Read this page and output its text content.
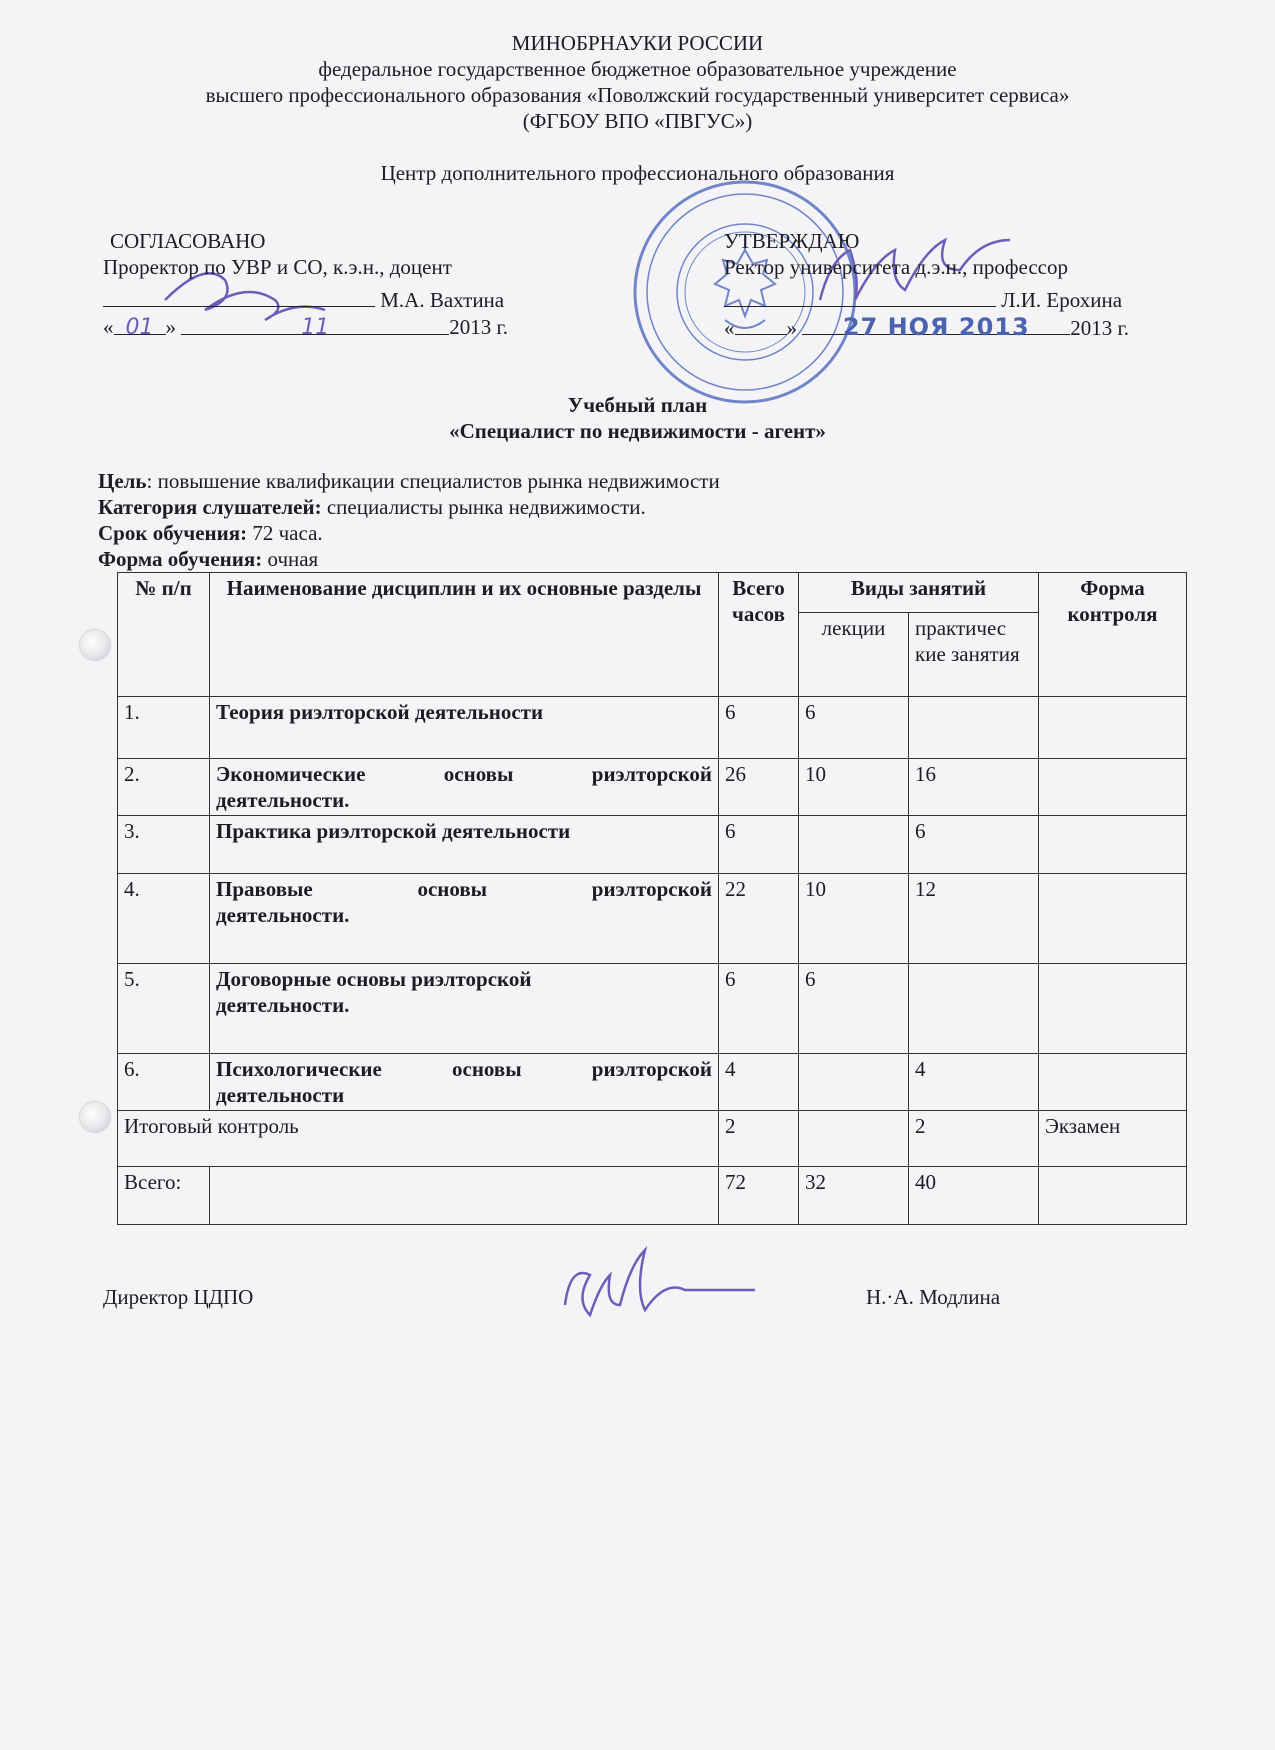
МИНОБРНАУКИ РОССИИ
федеральное государственное бюджетное образовательное учреждение
высшего профессионального образования «Поволжский государственный университет сервиса»
(ФГБОУ ВПО «ПВГУС»)
Центр дополнительного профессионального образования
СОГЛАСОВАНО
Проректор по УВР и СО, к.э.н., доцент
М.А. Вахтина
« 01 »	11	2013 г.
УТВЕРЖДАЮ
Ректор университета д.э.н., профессор
Л.И. Ерохина
« » 27 НОЯ 2013 2013 г.
Учебный план
«Специалист по недвижимости - агент»
Цель: повышение квалификации специалистов рынка недвижимости
Категория слушателей: специалисты рынка недвижимости.
Срок обучения: 72 часа.
Форма обучения: очная
№ п/п	Наименование дисциплин и их основные разделы	Всего часов	Виды занятий		Форма контроля
			лекции	практичес кие занятия	
1.	Теория риэлторской деятельности	6	6		
2.	Экономические основы риэлторской
деятельности.	26	10	16	
3.	Практика риэлторской деятельности	6		6	
4.	Правовые основы риэлторской
деятельности.	22	10	12	
5.	Договорные основы риэлторской
деятельности.	6	6		
6.	Психологические основы риэлторской
деятельности	4		4	
Итоговый контроль		2		2	Экзамен
Всего:		72	32	40	
Директор ЦДПО	Н.·А. Модлина
